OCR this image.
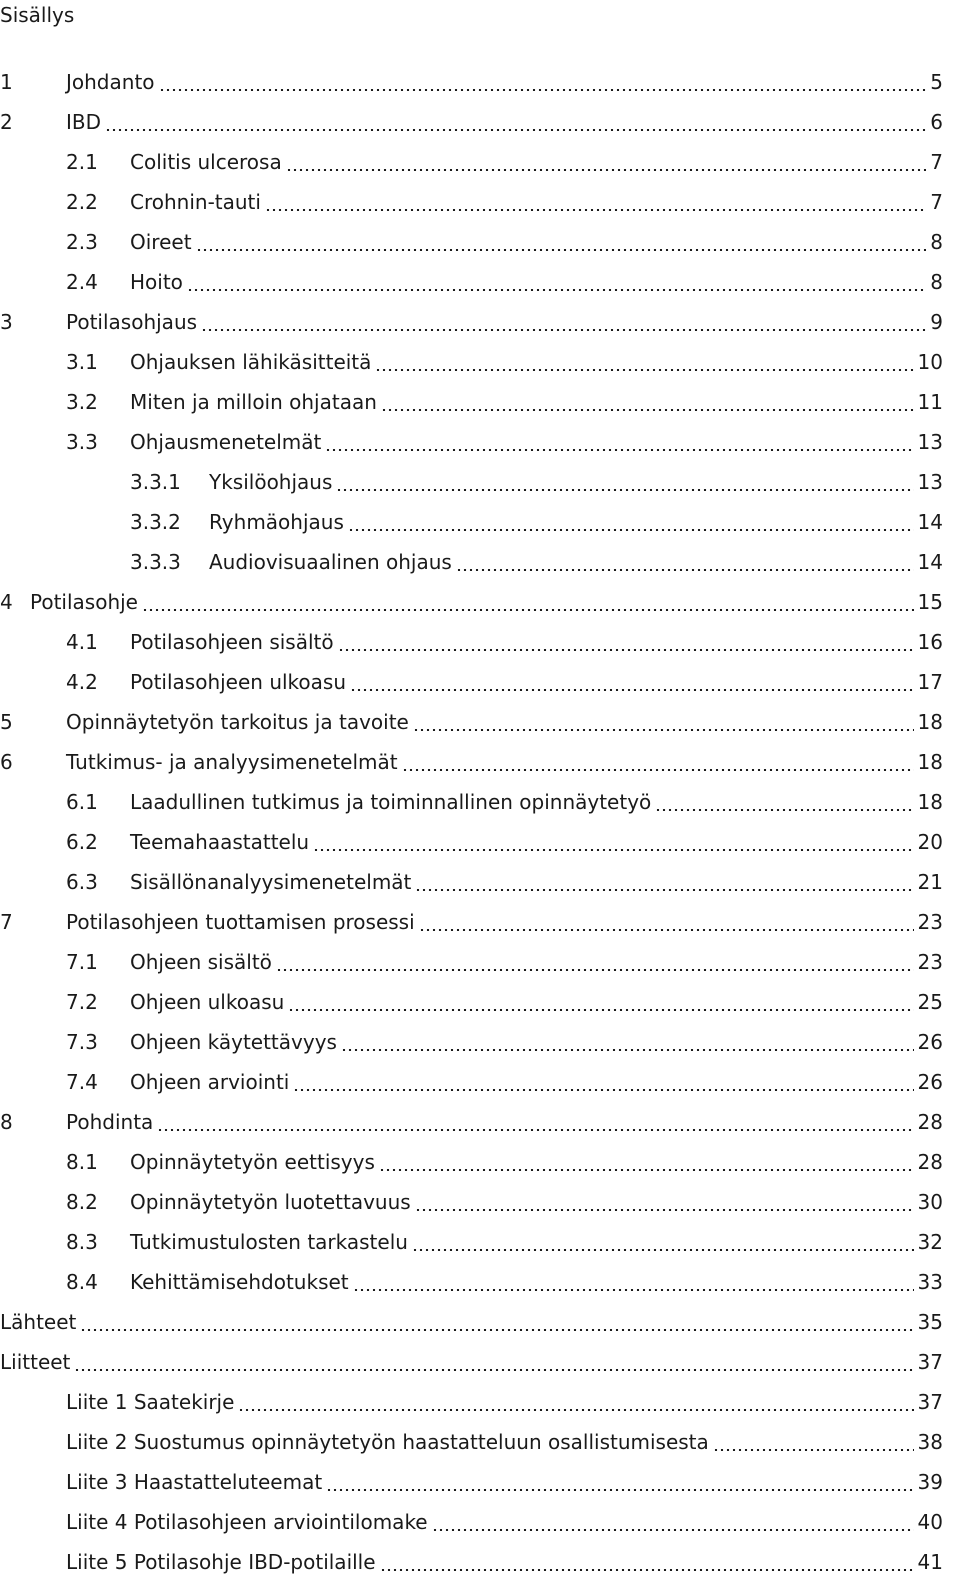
Sisällys
1	Johdanto	5
2	IBD	6
2.1 Colitis ulcerosa	7
2.2 Crohnin-tauti	7
2.3 Oireet	8
2.4 Hoito	8
3	Potilasohjaus	9
3.1 Ohjauksen lähikäsitteitä	10
3.2 Miten ja milloin ohjataan	11
3.3 Ohjausmenetelmät	13
3.3.1 Yksilöohjaus	13
3.3.2 Ryhmäohjaus	14
3.3.3 Audiovisuaalinen ohjaus	14
4 Potilasohje	15
4.1 Potilasohjeen sisältö	16
4.2 Potilasohjeen ulkoasu	17
5	Opinnäytetyön tarkoitus ja tavoite	18
6	Tutkimus- ja analyysimenetelmät	18
6.1 Laadullinen tutkimus ja toiminnallinen opinnäytetyö	18
6.2 Teemahaastattelu	20
6.3 Sisällönanalyysimenetelmät	21
7	Potilasohjeen tuottamisen prosessi	23
7.1 Ohjeen sisältö	23
7.2 Ohjeen ulkoasu	25
7.3 Ohjeen käytettävyys	26
7.4 Ohjeen arviointi	26
8	Pohdinta	28
8.1 Opinnäytetyön eettisyys	28
8.2 Opinnäytetyön luotettavuus	30
8.3 Tutkimustulosten tarkastelu	32
8.4 Kehittämisehdotukset	33
Lähteet	35
Liitteet	37
Liite 1 Saatekirje	37
Liite 2 Suostumus opinnäytetyön haastatteluun osallistumisesta	38
Liite 3 Haastatteluteemat	39
Liite 4 Potilasohjeen arviointilomake	40
Liite 5 Potilasohje IBD-potilaille	41
